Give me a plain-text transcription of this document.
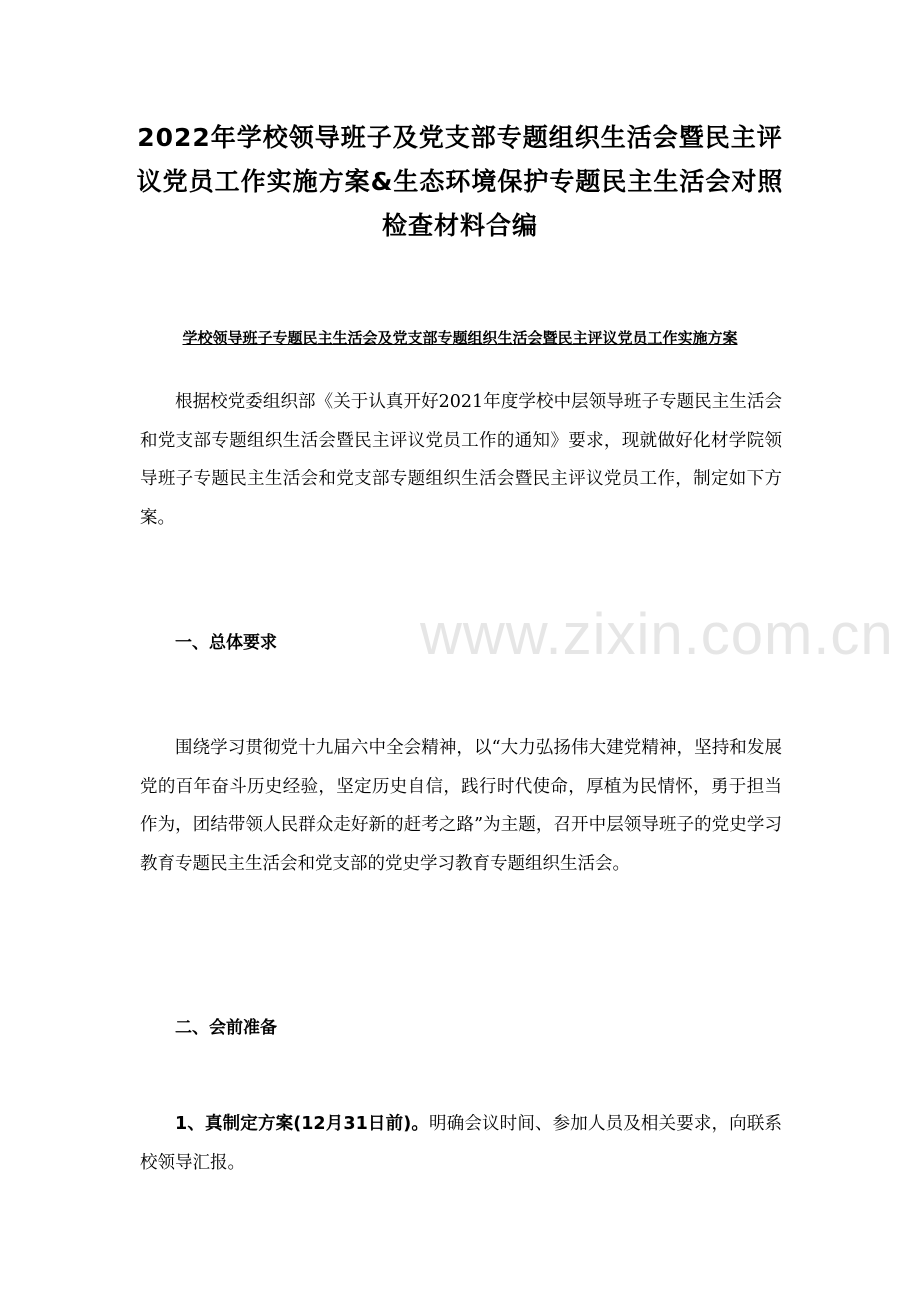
www.zixin.com.cn
2022年学校领导班子及党支部专题组织生活会暨民主评议党员工作实施方案&生态环境保护专题民主生活会对照检查材料合编
学校领导班子专题民主生活会及党支部专题组织生活会暨民主评议党员工作实施方案

根据校党委组织部《关于认真开好2021年度学校中层领导班子专题民主生活会和党支部专题组织生活会暨民主评议党员工作的通知》要求，现就做好化材学院领导班子专题民主生活会和党支部专题组织生活会暨民主评议党员工作，制定如下方案。

一、总体要求

围绕学习贯彻党十九届六中全会精神，以“大力弘扬伟大建党精神，坚持和发展党的百年奋斗历史经验，坚定历史自信，践行时代使命，厚植为民情怀，勇于担当作为，团结带领人民群众走好新的赶考之路”为主题，召开中层领导班子的党史学习教育专题民主生活会和党支部的党史学习教育专题组织生活会。

二、会前准备

1、真制定方案(12月31日前)。明确会议时间、参加人员及相关要求，向联系校领导汇报。
